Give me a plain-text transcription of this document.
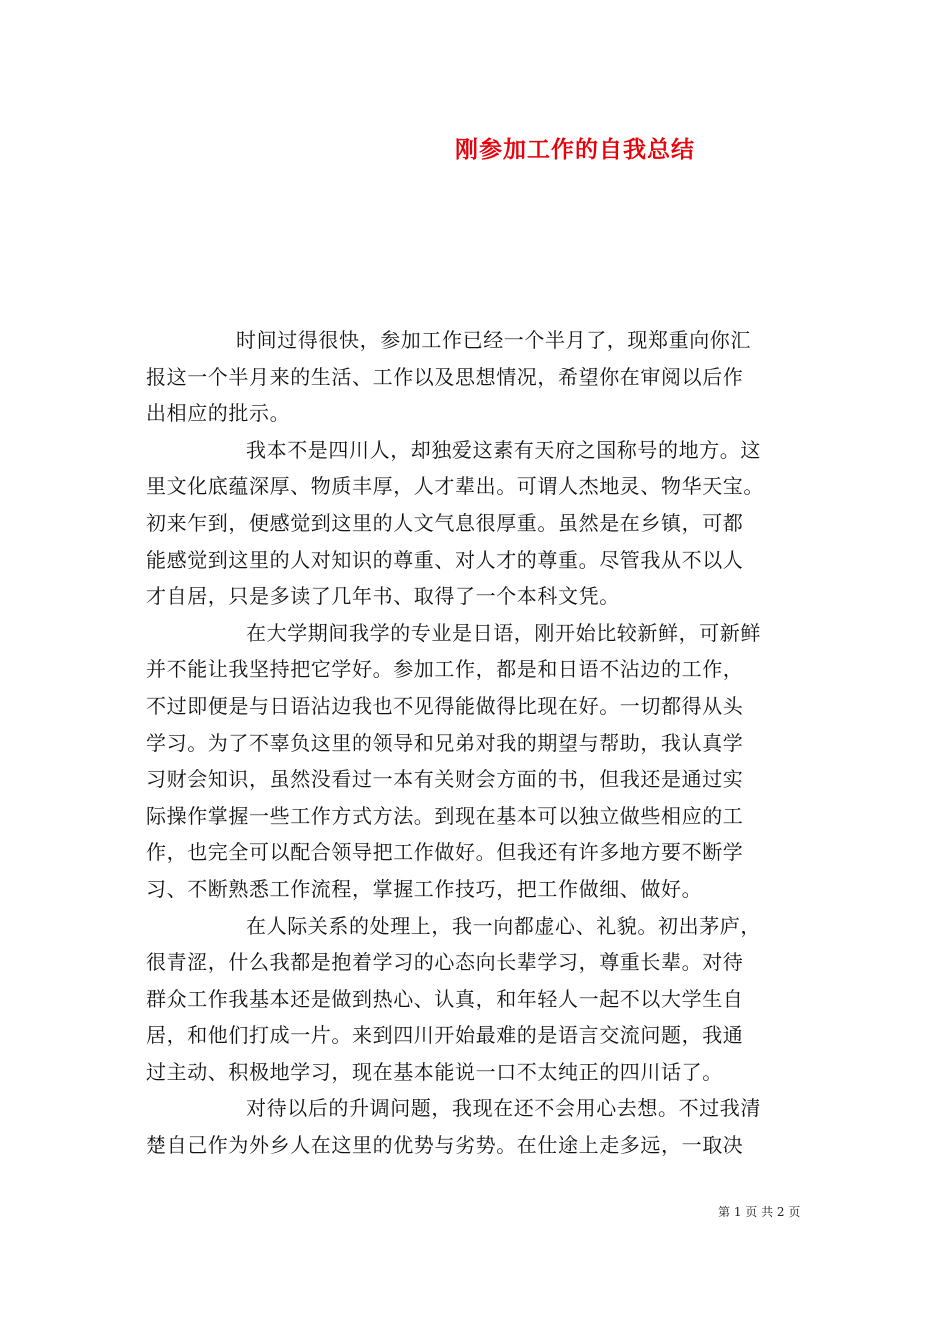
刚参加工作的自我总结

时间过得很快，参加工作已经一个半月了，现郑重向你汇

报这一个半月来的生活、工作以及思想情况，希望你在审阅以后作

出相应的批示。

我本不是四川人，却独爱这素有天府之国称号的地方。这

里文化底蕴深厚、物质丰厚，人才辈出。可谓人杰地灵、物华天宝。

初来乍到，便感觉到这里的人文气息很厚重。虽然是在乡镇，可都

能感觉到这里的人对知识的尊重、对人才的尊重。尽管我从不以人

才自居，只是多读了几年书、取得了一个本科文凭。

在大学期间我学的专业是日语，刚开始比较新鲜，可新鲜

并不能让我坚持把它学好。参加工作，都是和日语不沾边的工作，

不过即便是与日语沾边我也不见得能做得比现在好。一切都得从头

学习。为了不辜负这里的领导和兄弟对我的期望与帮助，我认真学

习财会知识，虽然没看过一本有关财会方面的书，但我还是通过实

际操作掌握一些工作方式方法。到现在基本可以独立做些相应的工

作，也完全可以配合领导把工作做好。但我还有许多地方要不断学

习、不断熟悉工作流程，掌握工作技巧，把工作做细、做好。

在人际关系的处理上，我一向都虚心、礼貌。初出茅庐，

很青涩，什么我都是抱着学习的心态向长辈学习，尊重长辈。对待

群众工作我基本还是做到热心、认真，和年轻人一起不以大学生自

居，和他们打成一片。来到四川开始最难的是语言交流问题，我通

过主动、积极地学习，现在基本能说一口不太纯正的四川话了。

对待以后的升调问题，我现在还不会用心去想。不过我清

楚自己作为外乡人在这里的优势与劣势。在仕途上走多远，一取决

第 1 页 共 2 页
